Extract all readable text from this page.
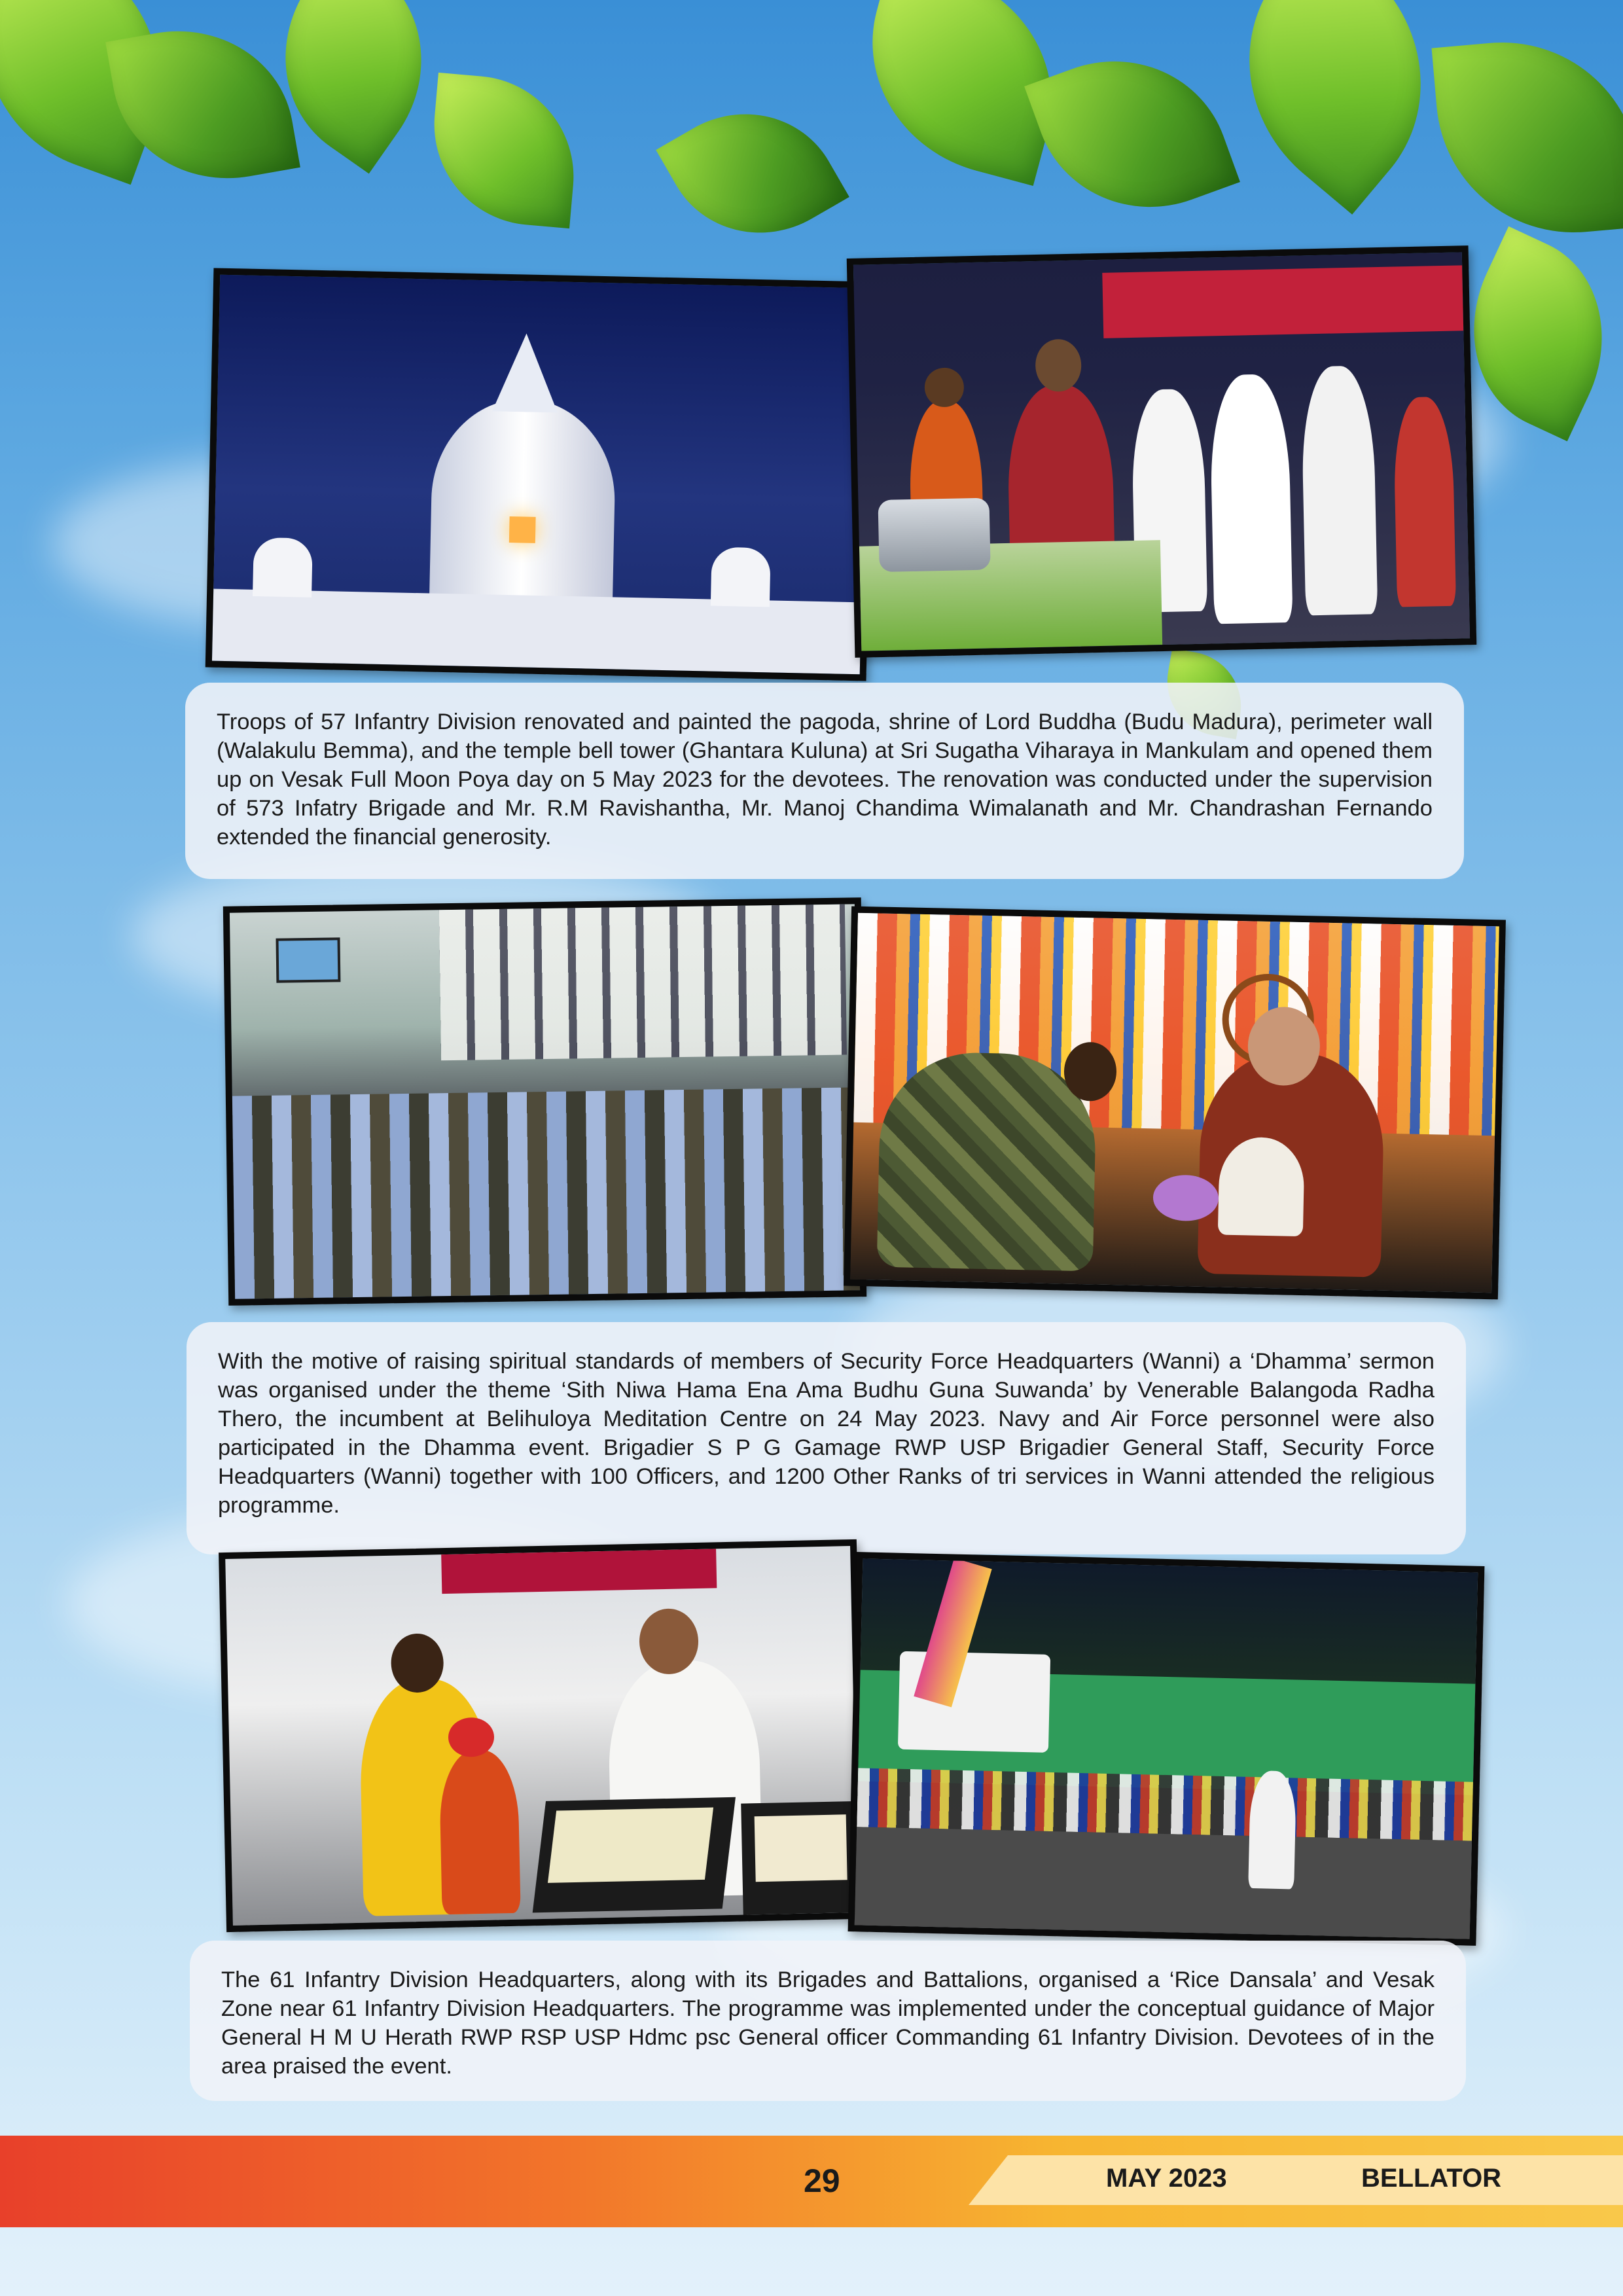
Troops of 57 Infantry Division renovated and painted the pagoda, shrine of Lord Buddha (Budu Madura), perimeter wall (Walakulu Bemma), and the temple bell tower (Ghantara Kuluna) at Sri Sugatha Viharaya in Mankulam and opened them up on Vesak Full Moon Poya day on 5 May 2023 for the devotees. The renovation was conducted under the supervision of 573 Infatry Brigade and Mr. R.M Ravishantha, Mr. Manoj Chandima Wimalanath and Mr. Chandrashan Fernando extended the financial generosity.

With the motive of raising spiritual standards of members of Security Force Headquarters (Wanni) a ‘Dhamma’ sermon was organised under the theme ‘Sith Niwa Hama Ena Ama Budhu Guna Suwanda’ by Venerable Balangoda Radha Thero, the incumbent at Belihuloya Meditation Centre on 24 May 2023. Navy and Air Force personnel were also participated in the Dhamma event. Brigadier S P G Gamage RWP USP Brigadier General Staff, Security Force Headquarters (Wanni) together with 100 Officers, and 1200 Other Ranks of tri services in Wanni attended the religious programme.

The 61 Infantry Division Headquarters, along with its Brigades and Battalions, organised a ‘Rice Dansala’ and Vesak Zone near 61 Infantry Division Headquarters. The programme was implemented under the conceptual guidance of Major General H M U Herath RWP RSP USP Hdmc psc General officer Commanding 61 Infantry Division. Devotees of in the area praised the event.

29	MAY 2023	BELLATOR
